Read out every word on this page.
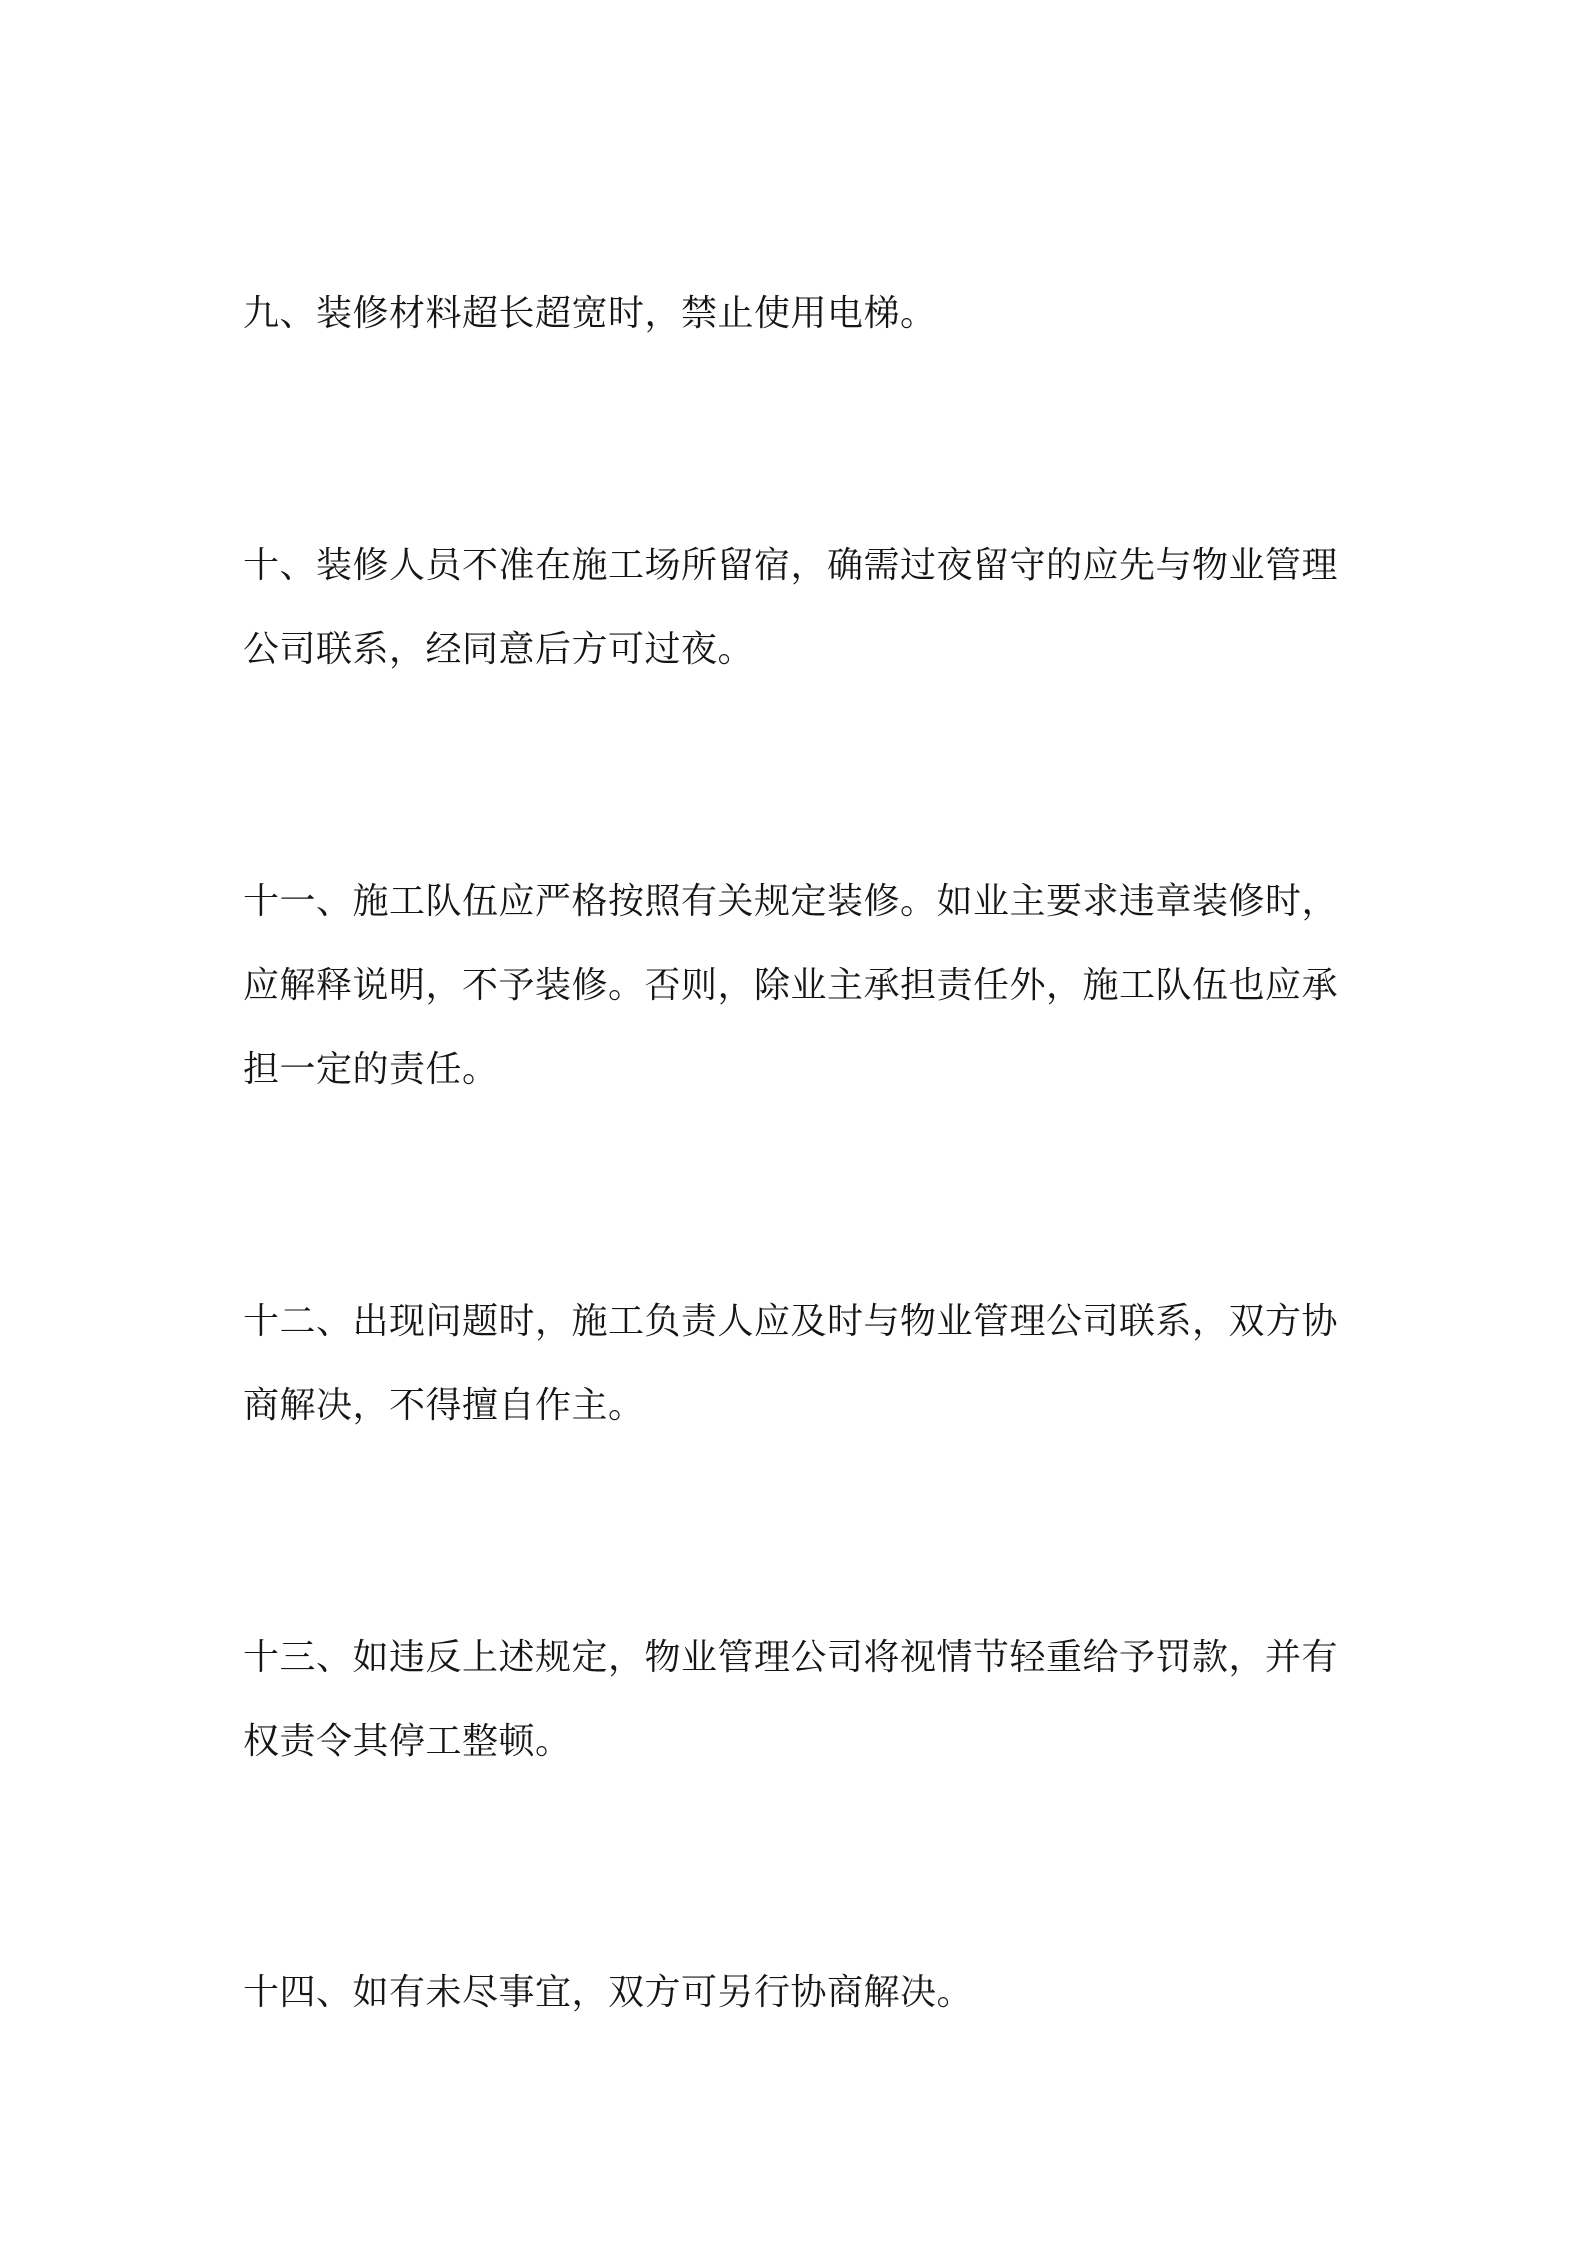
九、装修材料超长超宽时，禁止使用电梯。

十、装修人员不准在施工场所留宿，确需过夜留守的应先与物业管理公司联系，经同意后方可过夜。

十一、施工队伍应严格按照有关规定装修。如业主要求违章装修时，应解释说明，不予装修。否则，除业主承担责任外，施工队伍也应承担一定的责任。

十二、出现问题时，施工负责人应及时与物业管理公司联系，双方协商解决，不得擅自作主。

十三、如违反上述规定，物业管理公司将视情节轻重给予罚款，并有权责令其停工整顿。

十四、如有未尽事宜，双方可另行协商解决。
